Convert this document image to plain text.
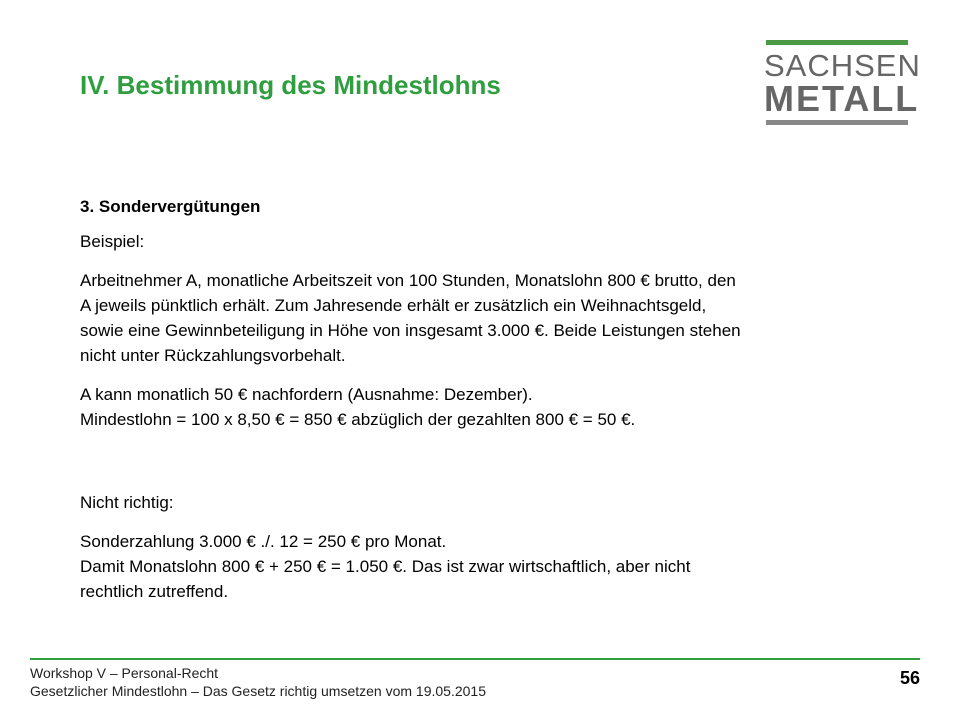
IV. Bestimmung des Mindestlohns
SACHSEN
METALL

3. Sondervergütungen

Beispiel:

Arbeitnehmer A, monatliche Arbeitszeit von 100 Stunden, Monatslohn 800 € brutto, den

A jeweils pünktlich erhält. Zum Jahresende erhält er zusätzlich ein Weihnachtsgeld,

sowie eine Gewinnbeteiligung in Höhe von insgesamt 3.000 €. Beide Leistungen stehen

nicht unter Rückzahlungsvorbehalt.

A kann monatlich 50 € nachfordern (Ausnahme: Dezember).

Mindestlohn = 100 x 8,50 € = 850 € abzüglich der gezahlten 800 € = 50 €.

Nicht richtig:

Sonderzahlung 3.000 € ./. 12 = 250 € pro Monat.

Damit Monatslohn 800 € + 250 € = 1.050 €. Das ist zwar wirtschaftlich, aber nicht

rechtlich zutreffend.

Workshop V – Personal-Recht
Gesetzlicher Mindestlohn – Das Gesetz richtig umsetzen vom 19.05.2015
56
